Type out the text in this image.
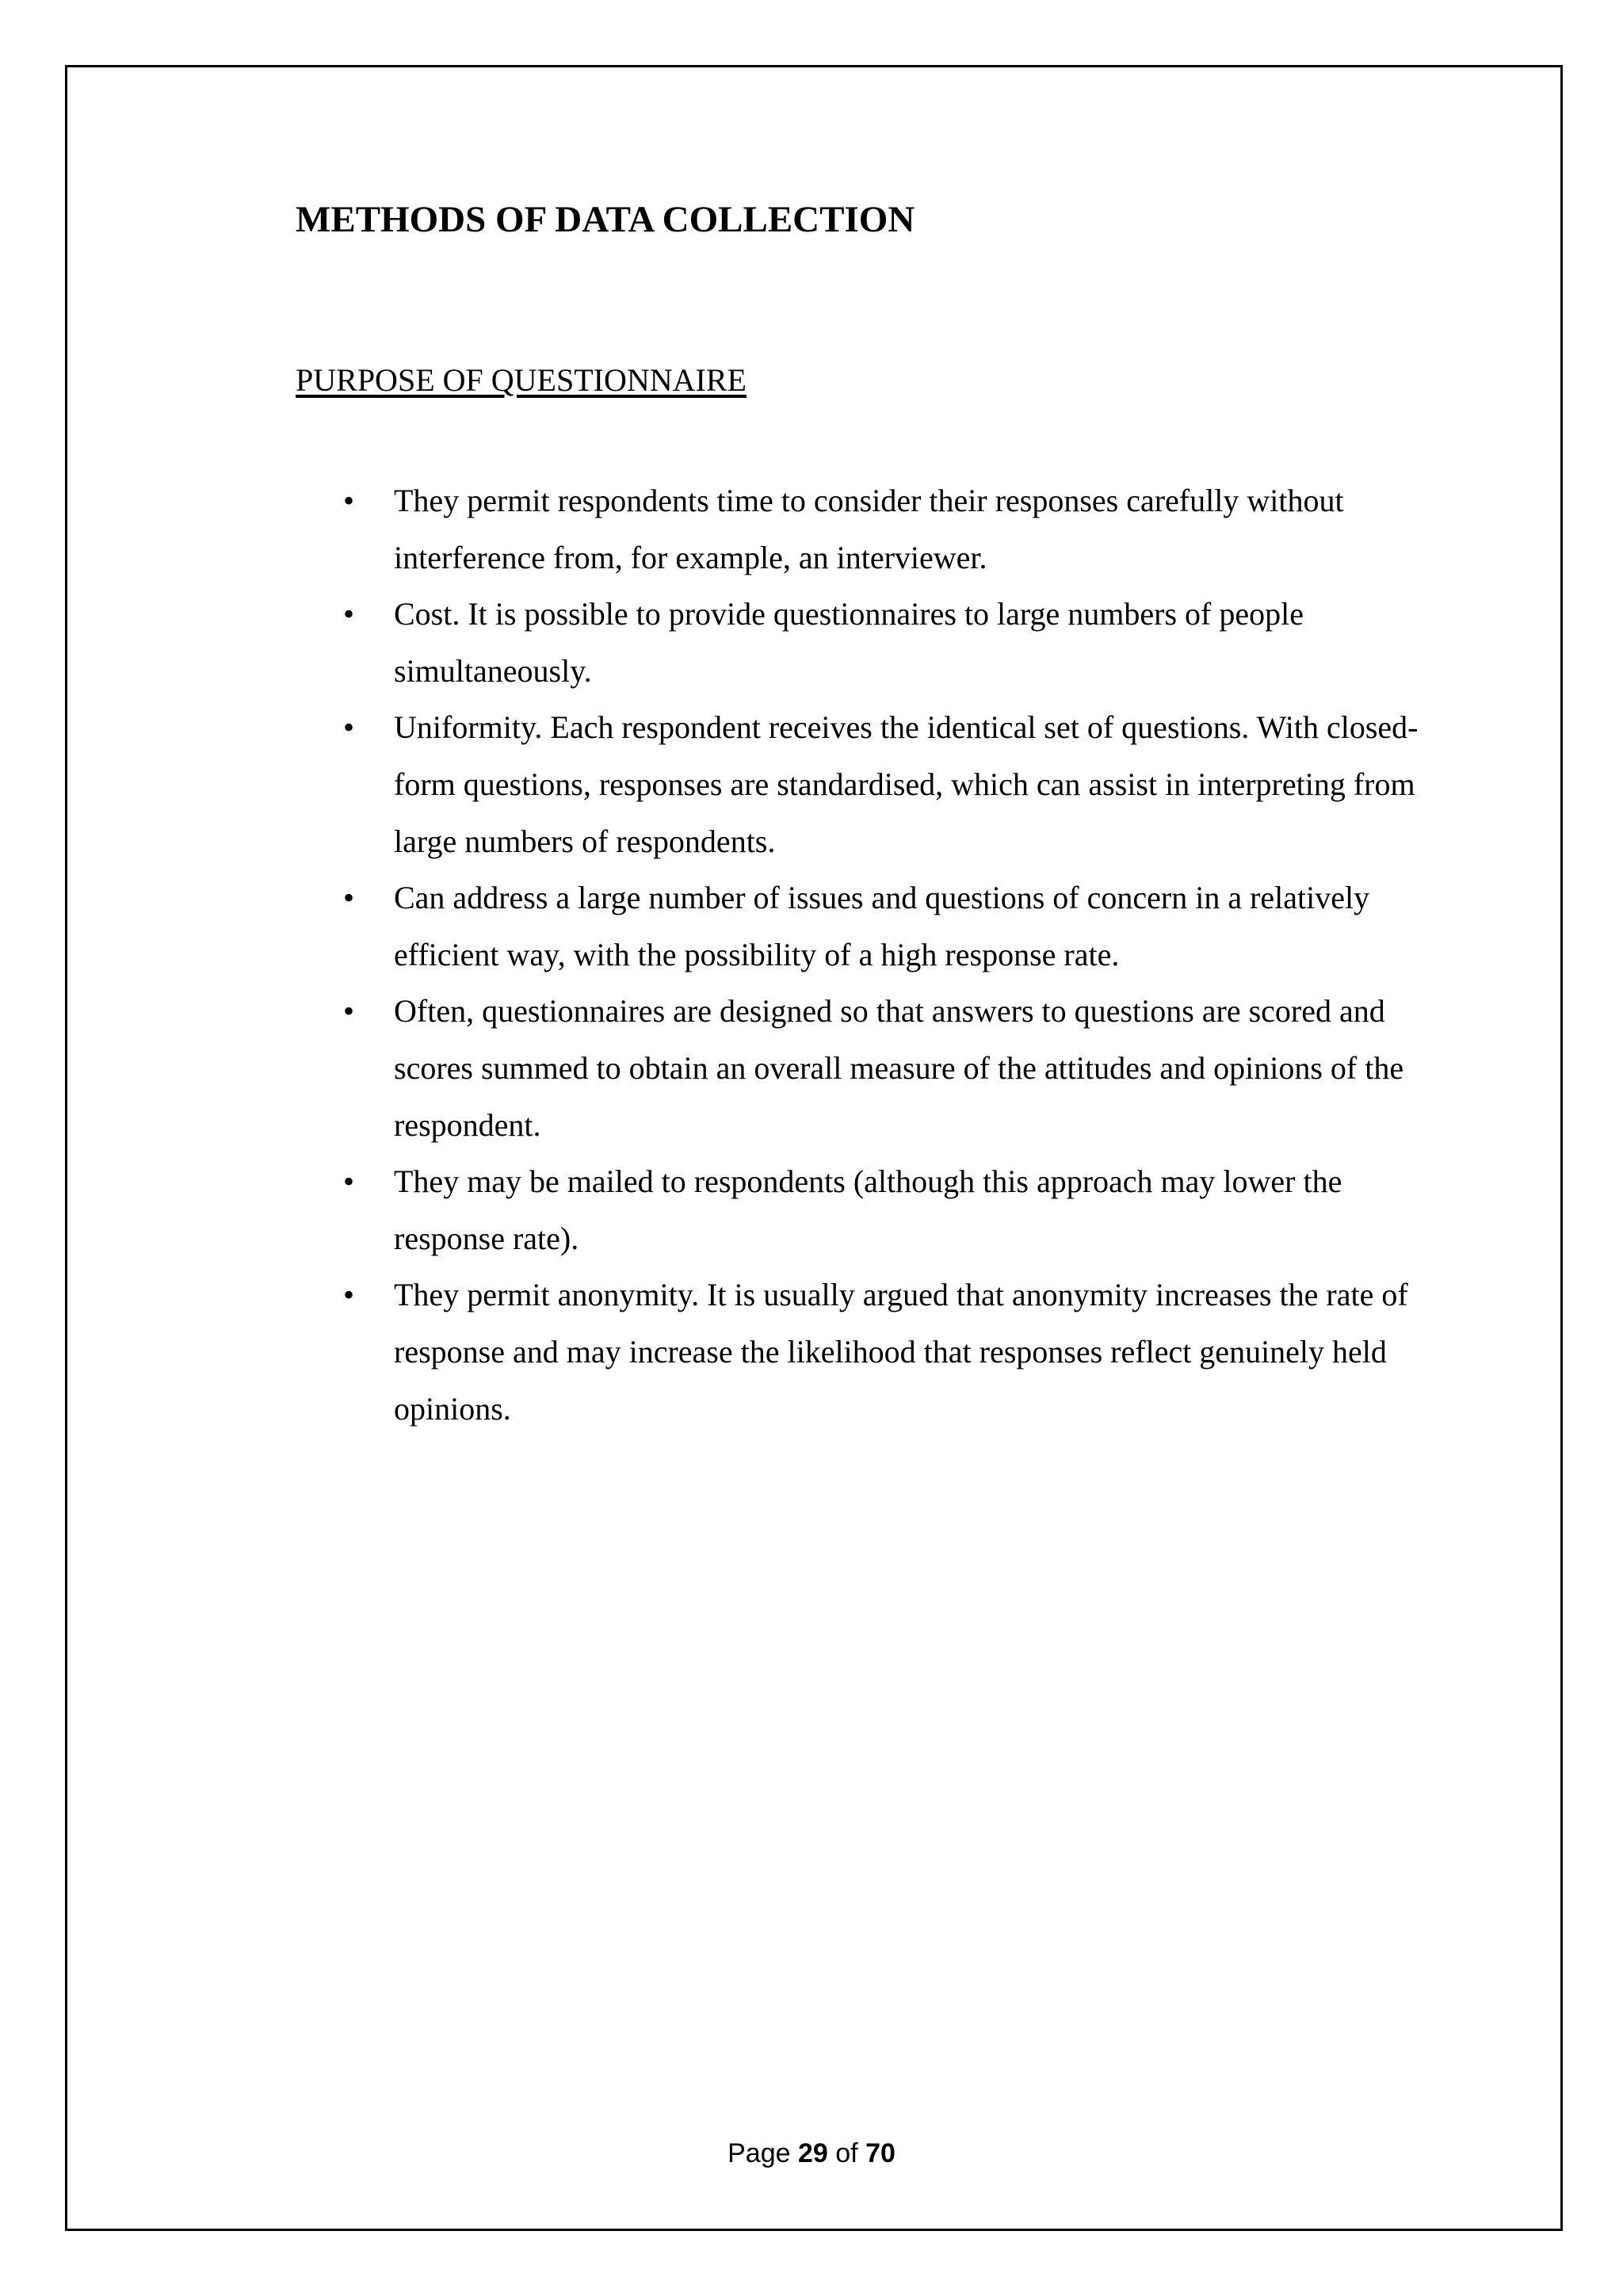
METHODS OF DATA COLLECTION
PURPOSE OF QUESTIONNAIRE
• They permit respondents time to consider their responses carefully without interference from, for example, an interviewer.
• Cost. It is possible to provide questionnaires to large numbers of people simultaneously.
• Uniformity. Each respondent receives the identical set of questions. With closed-form questions, responses are standardised, which can assist in interpreting from large numbers of respondents.
• Can address a large number of issues and questions of concern in a relatively efficient way, with the possibility of a high response rate.
• Often, questionnaires are designed so that answers to questions are scored and scores summed to obtain an overall measure of the attitudes and opinions of the respondent.
• They may be mailed to respondents (although this approach may lower the response rate).
• They permit anonymity. It is usually argued that anonymity increases the rate of response and may increase the likelihood that responses reflect genuinely held opinions.
Page 29 of 70
